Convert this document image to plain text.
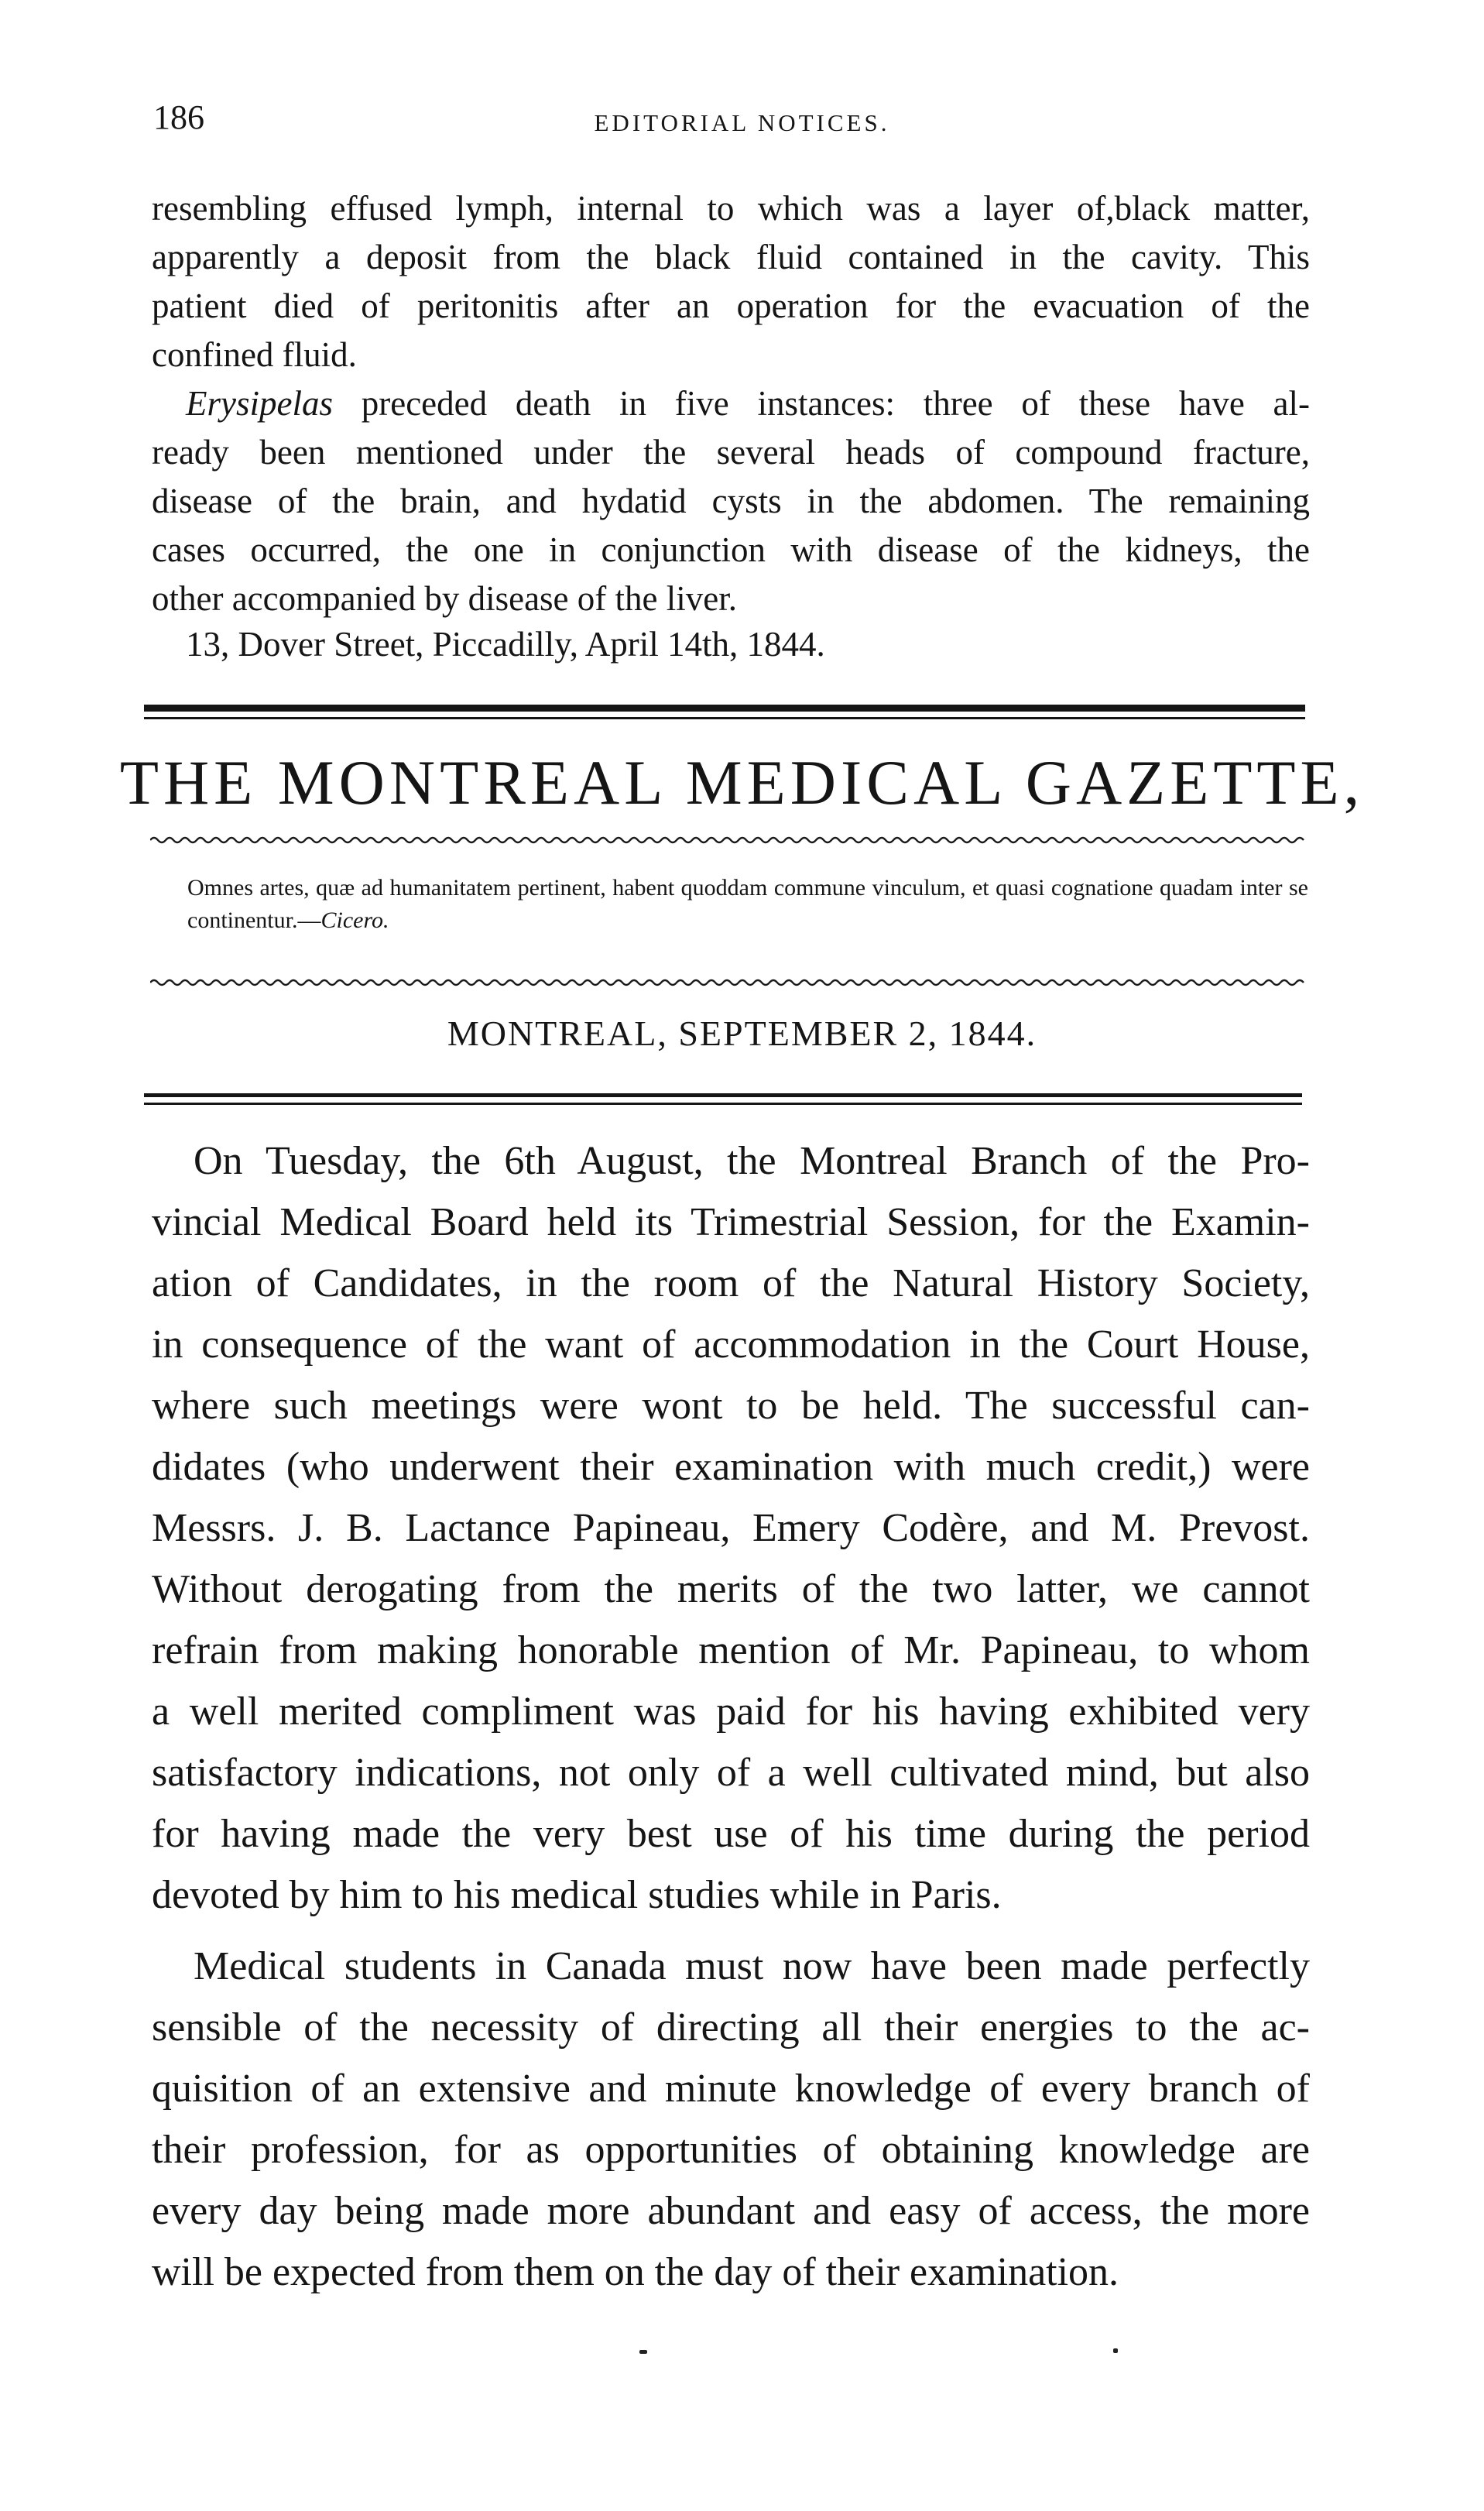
186	EDITORIAL NOTICES.
resembling effused lymph, internal to which was a layer of,black matter,
apparently a deposit from the black fluid contained in the cavity. This
patient died of peritonitis after an operation for the evacuation of the
confined fluid.
Erysipelas preceded death in five instances: three of these have al-
ready been mentioned under the several heads of compound fracture,
disease of the brain, and hydatid cysts in the abdomen. The remaining
cases occurred, the one in conjunction with disease of the kidneys, the
other accompanied by disease of the liver.
13, Dover Street, Piccadilly, April 14th, 1844.
THE MONTREAL MEDICAL GAZETTE,
Omnes artes, quæ ad humanitatem pertinent, habent quoddam commune vinculum, et quasi cognatione quadam inter se continentur.—Cicero.
MONTREAL, SEPTEMBER 2, 1844.
On Tuesday, the 6th August, the Montreal Branch of the Pro-
vincial Medical Board held its Trimestrial Session, for the Examin-
ation of Candidates, in the room of the Natural History Society,
in consequence of the want of accommodation in the Court House,
where such meetings were wont to be held. The successful can-
didates (who underwent their examination with much credit,) were
Messrs. J. B. Lactance Papineau, Emery Codère, and M. Prevost.
Without derogating from the merits of the two latter, we cannot
refrain from making honorable mention of Mr. Papineau, to whom
a well merited compliment was paid for his having exhibited very
satisfactory indications, not only of a well cultivated mind, but also
for having made the very best use of his time during the period
devoted by him to his medical studies while in Paris.
Medical students in Canada must now have been made perfectly
sensible of the necessity of directing all their energies to the ac-
quisition of an extensive and minute knowledge of every branch of
their profession, for as opportunities of obtaining knowledge are
every day being made more abundant and easy of access, the more
will be expected from them on the day of their examination.
